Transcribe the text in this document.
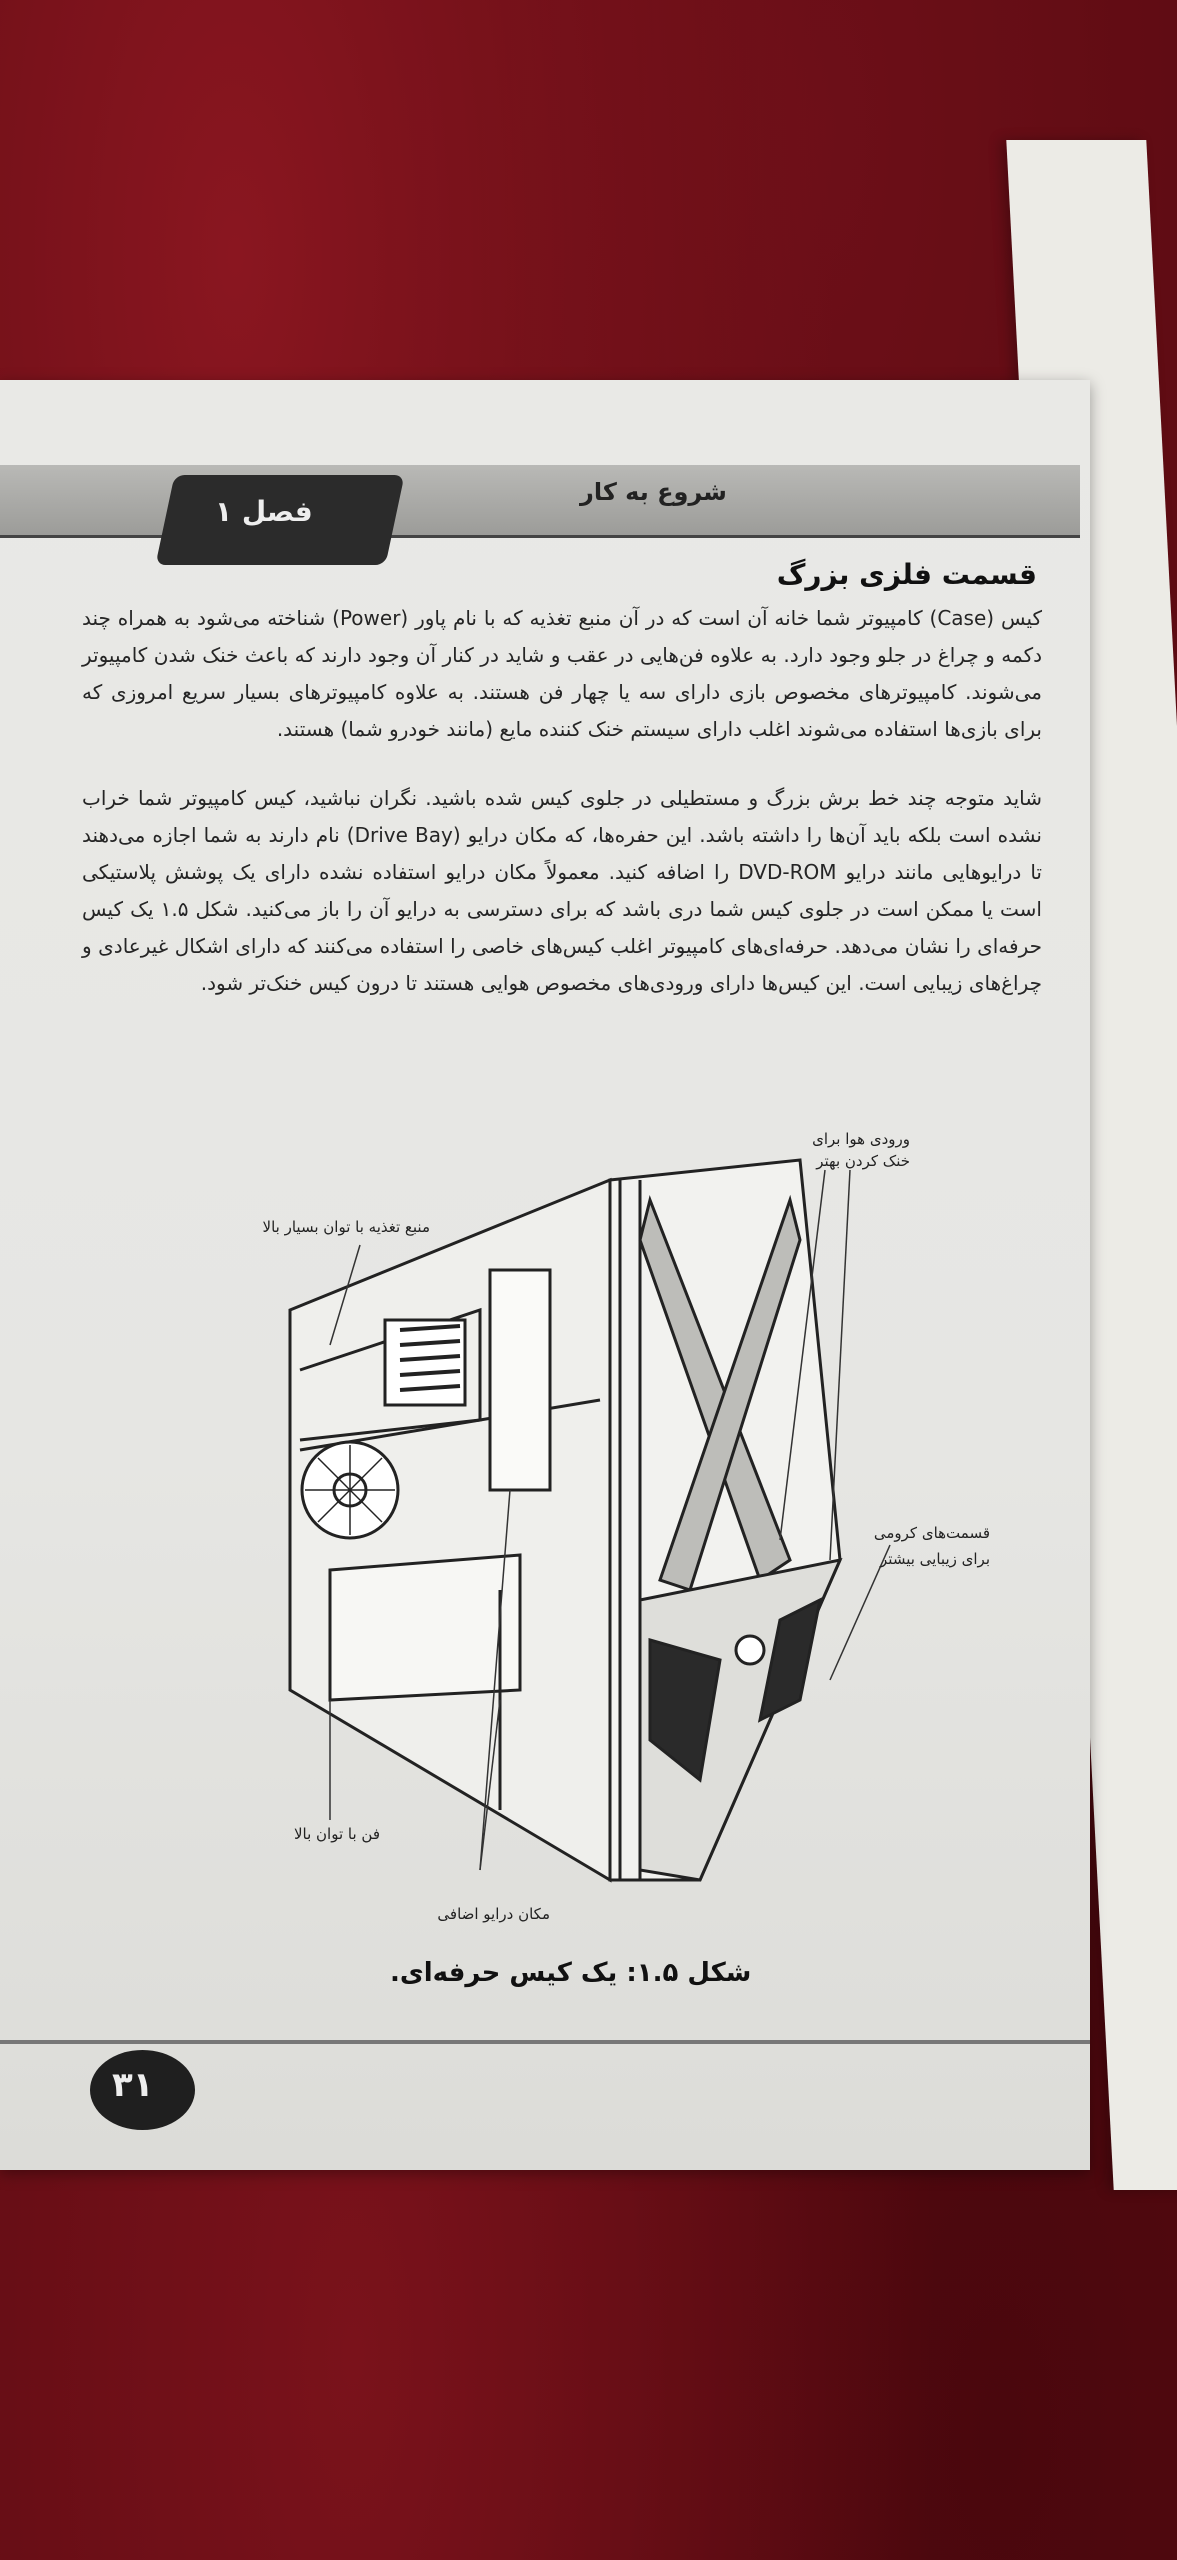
فصل ۱
شروع به کار
قسمت فلزی بزرگ
کیس (Case) کامپیوتر شما خانه آن است که در آن منبع تغذیه که با نام پاور (Power) شناخته می‌شود به همراه چند دکمه و چراغ در جلو وجود دارد. به علاوه فن‌هایی در عقب و شاید در کنار آن وجود دارند که باعث خنک شدن کامپیوتر می‌شوند. کامپیوترهای مخصوص بازی دارای سه یا چهار فن هستند. به علاوه کامپیوترهای بسیار سریع امروزی که برای بازی‌ها استفاده می‌شوند اغلب دارای سیستم خنک کننده مایع (مانند خودرو شما) هستند.
شاید متوجه چند خط برش بزرگ و مستطیلی در جلوی کیس شده باشید. نگران نباشید، کیس کامپیوتر شما خراب نشده است بلکه باید آن‌ها را داشته باشد. این حفره‌ها، که مکان درایو (Drive Bay) نام دارند به شما اجازه می‌دهند تا درایوهایی مانند درایو DVD-ROM را اضافه کنید. معمولاً مکان درایو استفاده نشده دارای یک پوشش پلاستیکی است یا ممکن است در جلوی کیس شما دری باشد که برای دسترسی به درایو آن را باز می‌کنید. شکل ۱.۵ یک کیس حرفه‌ای را نشان می‌دهد. حرفه‌ای‌های کامپیوتر اغلب کیس‌های خاصی را استفاده می‌کنند که دارای اشکال غیرعادی و چراغ‌های زیبایی است. این کیس‌ها دارای ورودی‌های مخصوص هوایی هستند تا درون کیس خنک‌تر شود.
منبع تغذیه با توان بسیار بالا
ورودی هوا برای خنک کردن بهتر
قسمت‌های کرومی برای زیبایی بیشتر
فن با توان بالا
مکان درایو اضافی
شکل ۱.۵: یک کیس حرفه‌ای.
۳۱
